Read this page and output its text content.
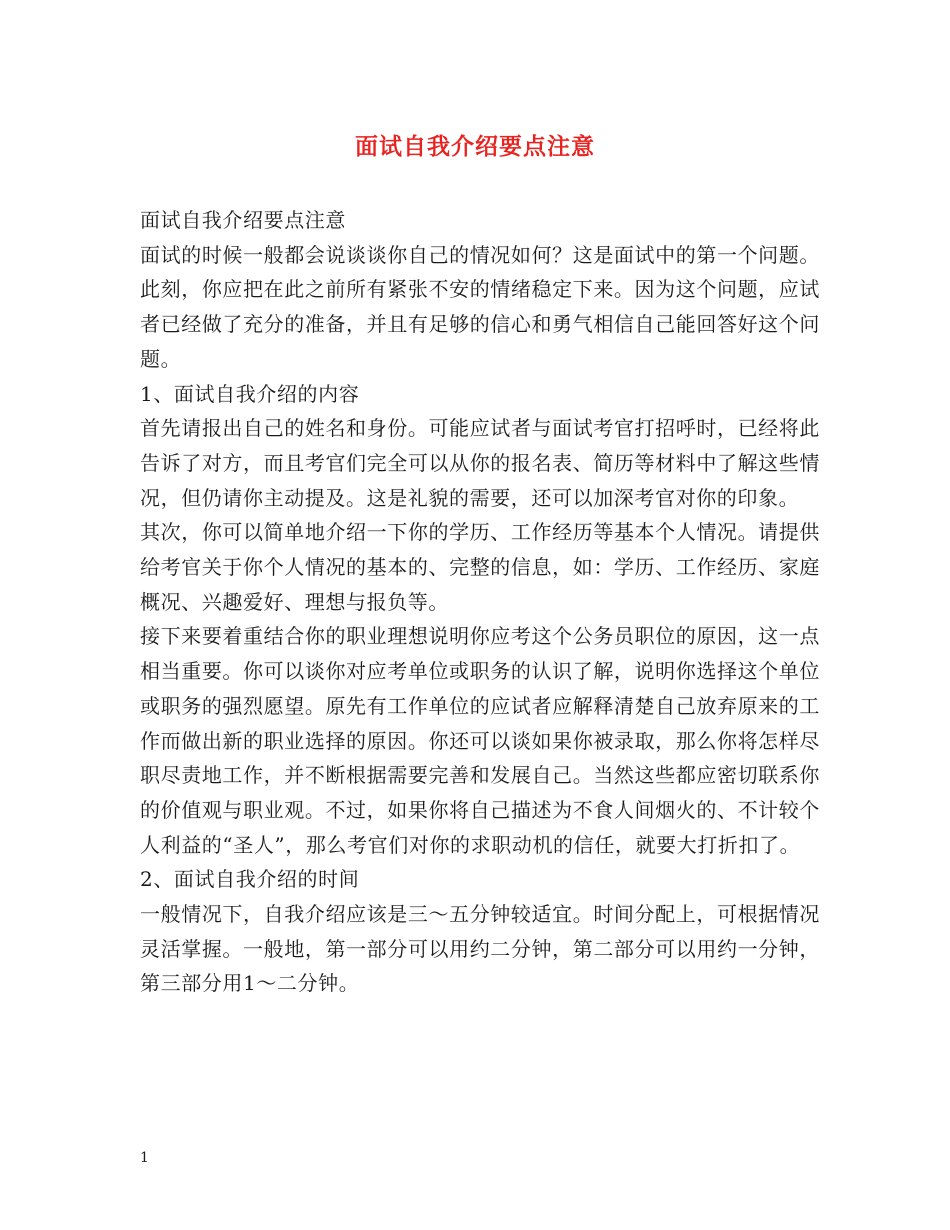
面试自我介绍要点注意

面试自我介绍要点注意

面试的时候一般都会说谈谈你自己的情况如何？这是面试中的第一个问题。此刻，你应把在此之前所有紧张不安的情绪稳定下来。因为这个问题，应试者已经做了充分的准备，并且有足够的信心和勇气相信自己能回答好这个问题。

1、面试自我介绍的内容

首先请报出自己的姓名和身份。可能应试者与面试考官打招呼时，已经将此告诉了对方，而且考官们完全可以从你的报名表、简历等材料中了解这些情况，但仍请你主动提及。这是礼貌的需要，还可以加深考官对你的印象。

其次，你可以简单地介绍一下你的学历、工作经历等基本个人情况。请提供给考官关于你个人情况的基本的、完整的信息，如：学历、工作经历、家庭概况、兴趣爱好、理想与报负等。

接下来要着重结合你的职业理想说明你应考这个公务员职位的原因，这一点相当重要。你可以谈你对应考单位或职务的认识了解，说明你选择这个单位或职务的强烈愿望。原先有工作单位的应试者应解释清楚自己放弃原来的工作而做出新的职业选择的原因。你还可以谈如果你被录取，那么你将怎样尽职尽责地工作，并不断根据需要完善和发展自己。当然这些都应密切联系你的价值观与职业观。不过，如果你将自己描述为不食人间烟火的、不计较个人利益的“圣人”，那么考官们对你的求职动机的信任，就要大打折扣了。

2、面试自我介绍的时间

一般情况下，自我介绍应该是三～五分钟较适宜。时间分配上，可根据情况灵活掌握。一般地，第一部分可以用约二分钟，第二部分可以用约一分钟，第三部分用1～二分钟。

1
